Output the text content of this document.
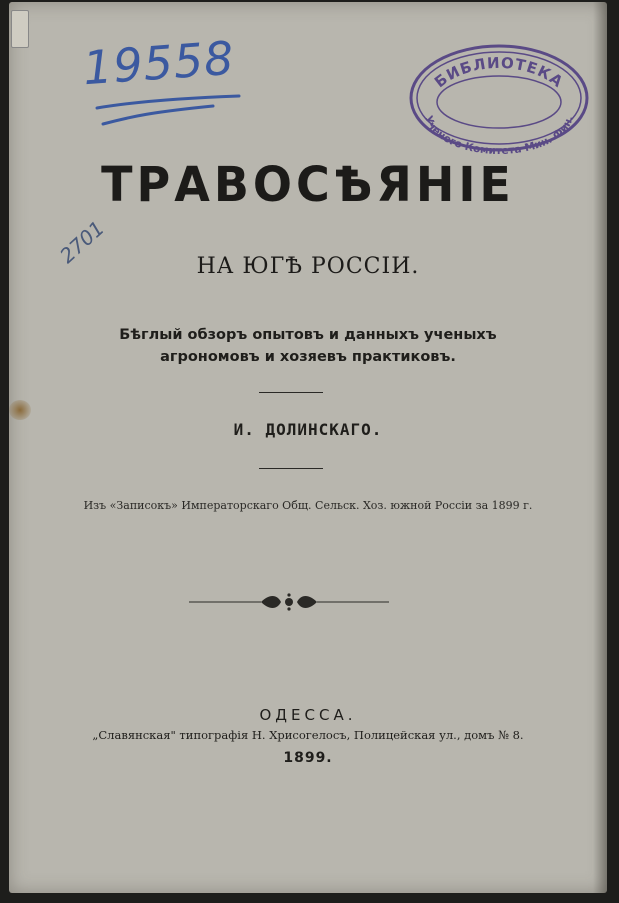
19558
2701
БИБЛИОТЕКА
Ученого Комитета Мин. Фин.
ТРАВОСѢЯНІЕ
НА ЮГѢ РОССІИ.
Бѣглый обзоръ опытовъ и данныхъ ученыхъ
агрономовъ и хозяевъ практиковъ.
И. ДОЛИНСКАГО.
Изъ «Записокъ» Императорскаго Общ. Сельск. Хоз. южной Россіи за 1899 г.
ОДЕССА.
„Славянская" типографія Н. Хрисогелосъ, Полицейская ул., домъ № 8.
1899.
